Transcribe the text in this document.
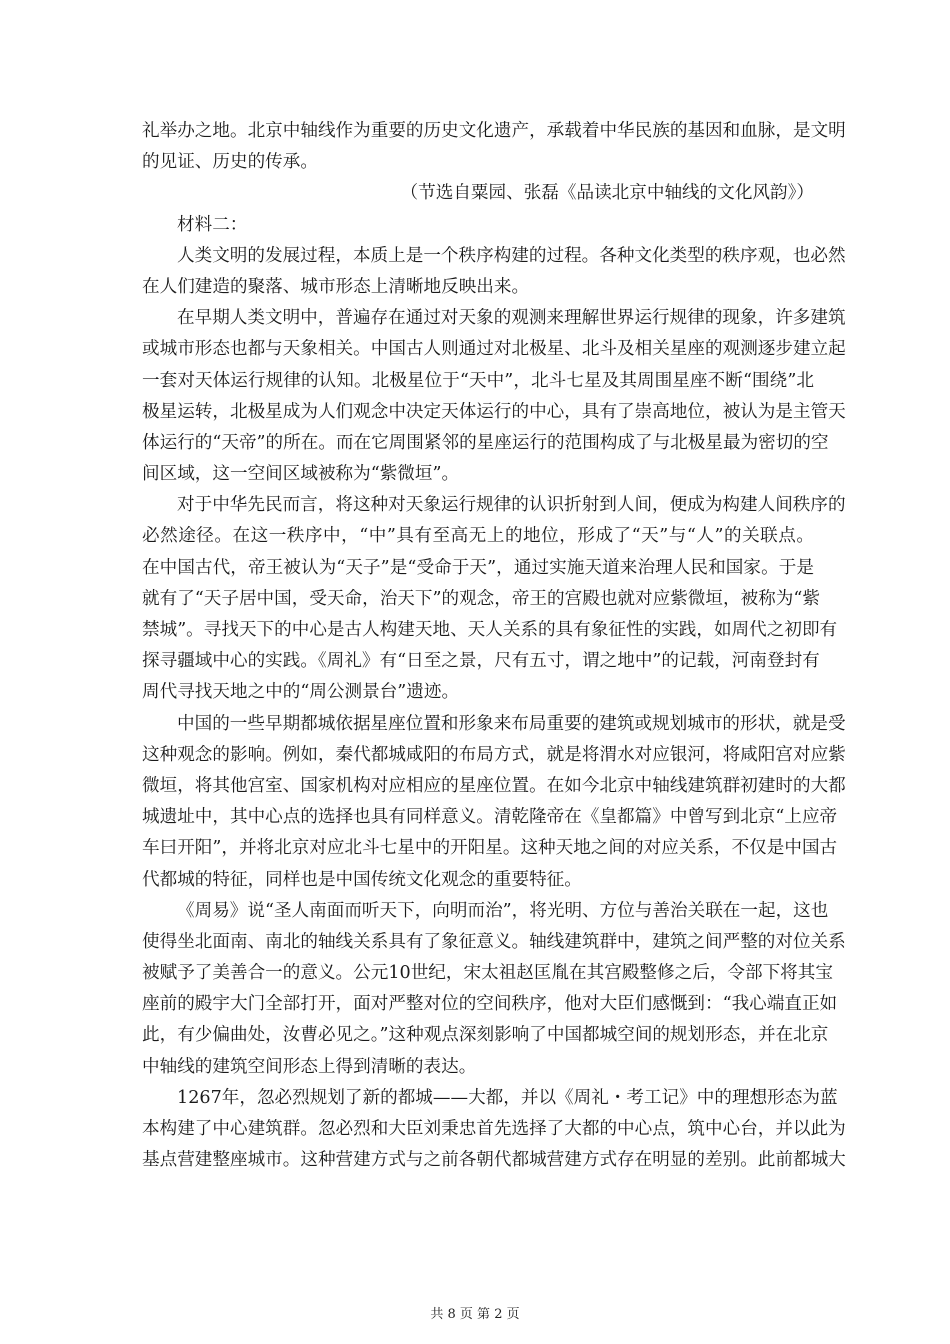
礼举办之地。北京中轴线作为重要的历史文化遗产，承载着中华民族的基因和血脉，是文明
的见证、历史的传承。
（节选自粟园、张磊《品读北京中轴线的文化风韵》）
材料二：
人类文明的发展过程，本质上是一个秩序构建的过程。各种文化类型的秩序观，也必然
在人们建造的聚落、城市形态上清晰地反映出来。
在早期人类文明中，普遍存在通过对天象的观测来理解世界运行规律的现象，许多建筑
或城市形态也都与天象相关。中国古人则通过对北极星、北斗及相关星座的观测逐步建立起
一套对天体运行规律的认知。北极星位于“天中”，北斗七星及其周围星座不断“围绕”北
极星运转，北极星成为人们观念中决定天体运行的中心，具有了崇高地位，被认为是主管天
体运行的“天帝”的所在。而在它周围紧邻的星座运行的范围构成了与北极星最为密切的空
间区域，这一空间区域被称为“紫微垣”。
对于中华先民而言，将这种对天象运行规律的认识折射到人间，便成为构建人间秩序的
必然途径。在这一秩序中，“中”具有至高无上的地位，形成了“天”与“人”的关联点。
在中国古代，帝王被认为“天子”是“受命于天”，通过实施天道来治理人民和国家。于是
就有了“天子居中国，受天命，治天下”的观念，帝王的宫殿也就对应紫微垣，被称为“紫
禁城”。寻找天下的中心是古人构建天地、天人关系的具有象征性的实践，如周代之初即有
探寻疆域中心的实践。《周礼》有“日至之景，尺有五寸，谓之地中”的记载，河南登封有
周代寻找天地之中的“周公测景台”遗迹。
中国的一些早期都城依据星座位置和形象来布局重要的建筑或规划城市的形状，就是受
这种观念的影响。例如，秦代都城咸阳的布局方式，就是将渭水对应银河，将咸阳宫对应紫
微垣，将其他宫室、国家机构对应相应的星座位置。在如今北京中轴线建筑群初建时的大都
城遗址中，其中心点的选择也具有同样意义。清乾隆帝在《皇都篇》中曾写到北京“上应帝
车曰开阳”，并将北京对应北斗七星中的开阳星。这种天地之间的对应关系，不仅是中国古
代都城的特征，同样也是中国传统文化观念的重要特征。
《周易》说“圣人南面而听天下，向明而治”，将光明、方位与善治关联在一起，这也
使得坐北面南、南北的轴线关系具有了象征意义。轴线建筑群中，建筑之间严整的对位关系
被赋予了美善合一的意义。公元10世纪，宋太祖赵匡胤在其宫殿整修之后，令部下将其宝
座前的殿宇大门全部打开，面对严整对位的空间秩序，他对大臣们感慨到：“我心端直正如
此，有少偏曲处，汝曹必见之。”这种观点深刻影响了中国都城空间的规划形态，并在北京
中轴线的建筑空间形态上得到清晰的表达。
1267年，忽必烈规划了新的都城——大都，并以《周礼・考工记》中的理想形态为蓝
本构建了中心建筑群。忽必烈和大臣刘秉忠首先选择了大都的中心点，筑中心台，并以此为
基点营建整座城市。这种营建方式与之前各朝代都城营建方式存在明显的差别。此前都城大
共 8 页 第 2 页
